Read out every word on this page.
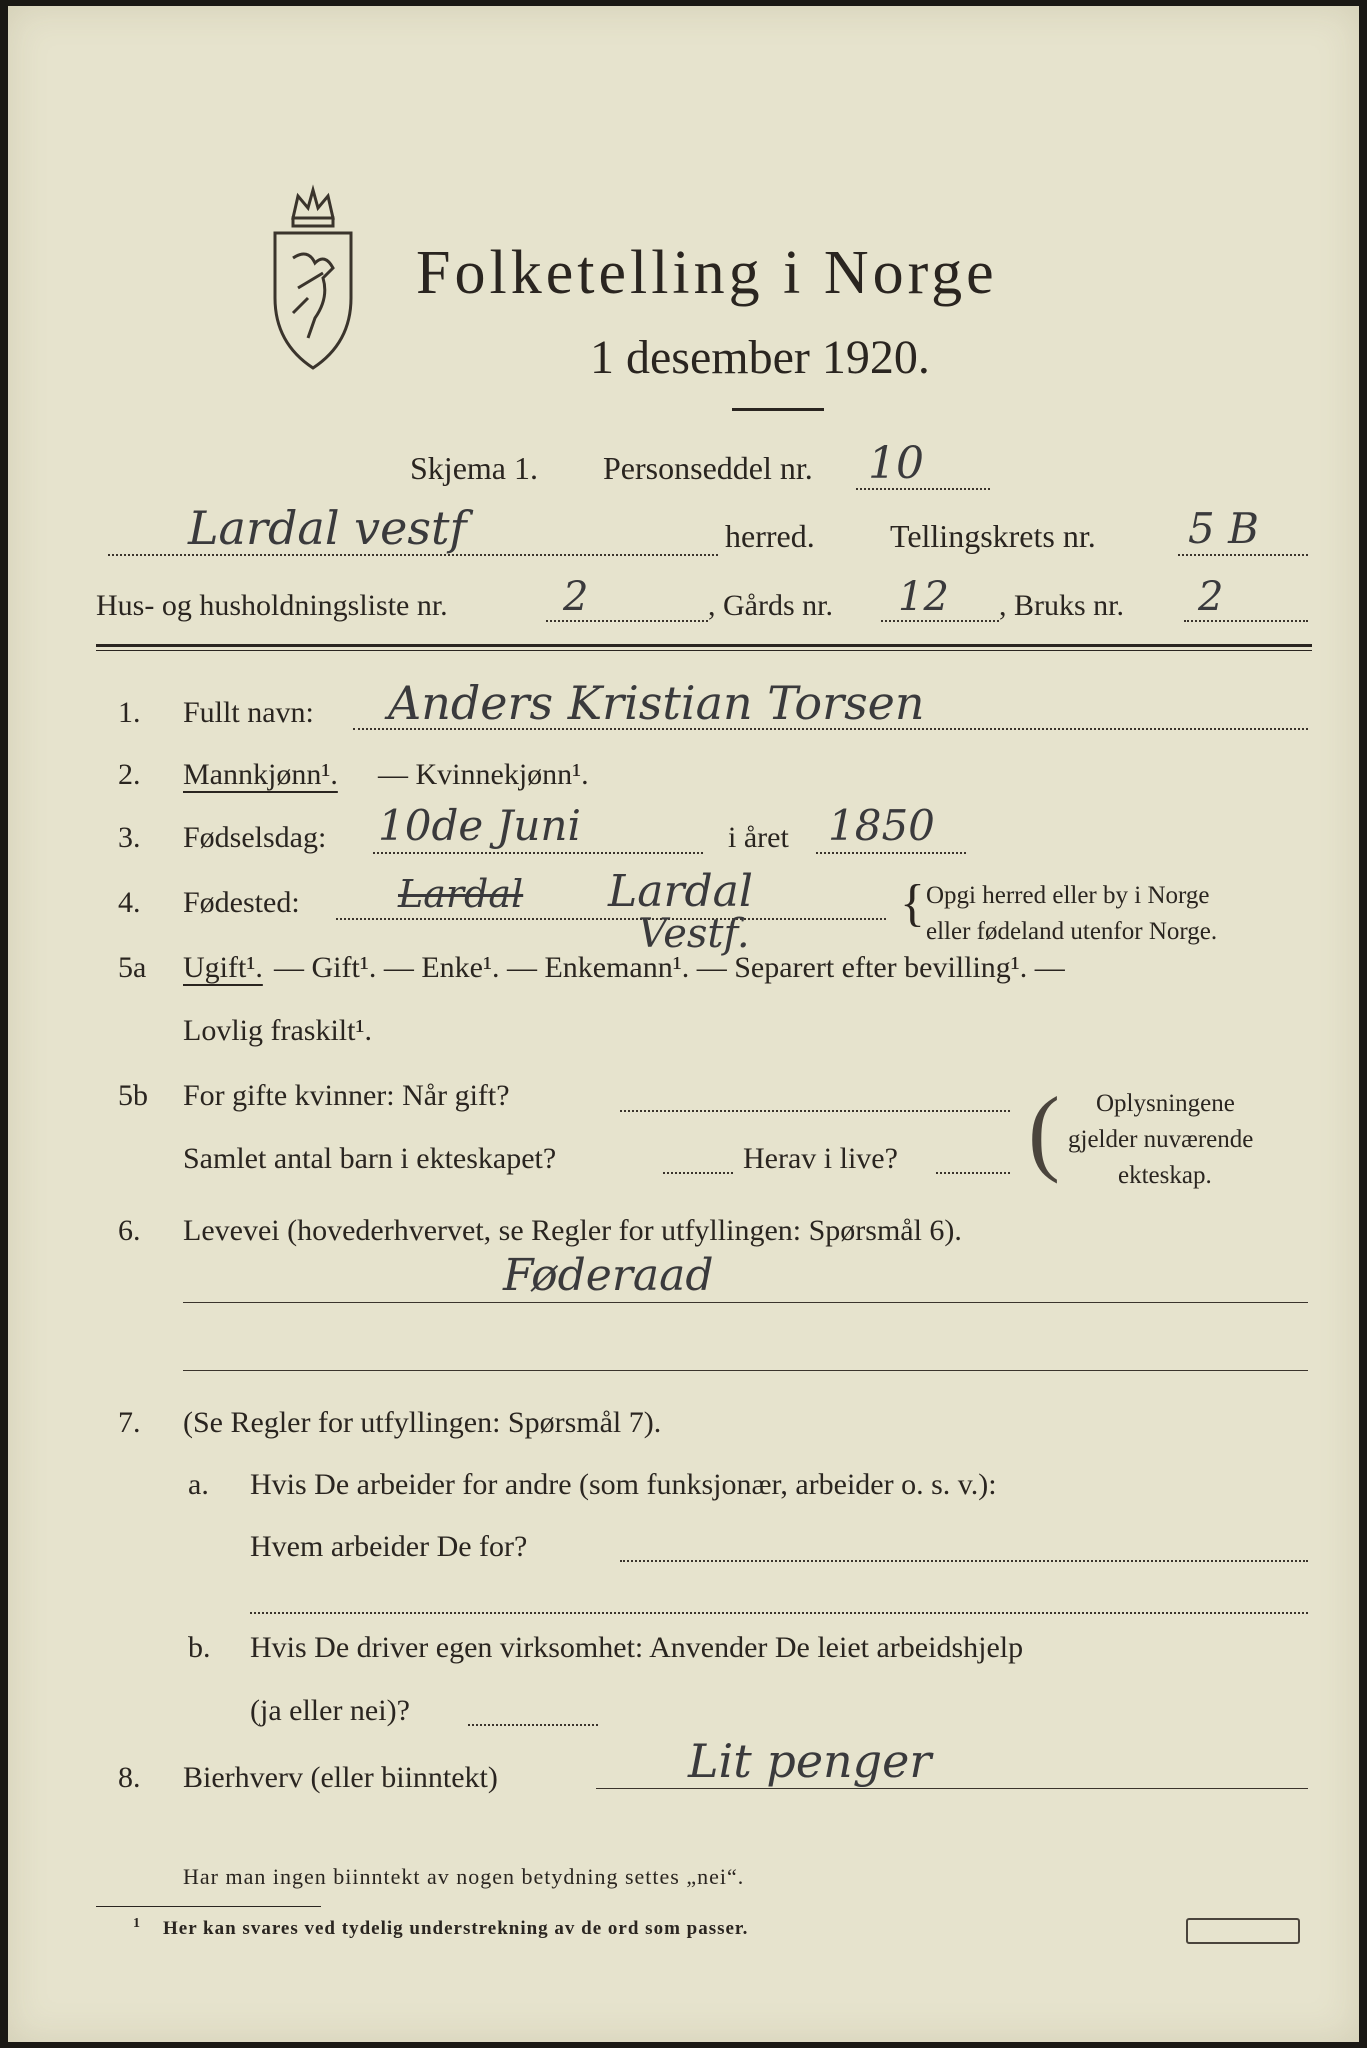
Folketelling i Norge
1 desember 1920.
Skjema 1. Personseddel nr. 10
Lardal vestf	herred. Tellingskrets nr. 5 B
Hus- og husholdningsliste nr.	2	, Gårds nr. 12 , Bruks nr. 2
1. Fullt navn: Anders Kristian Torsen
2. Mannkjønn¹. — Kvinnekjønn¹.
3. Fødselsdag: 10de Juni	i året 1850
4. Fødested:	Lardal Lardal
Vestf.
{ Opgi herred eller by i Norge
eller fødeland utenfor Norge.
5a Ugift¹. — Gift¹. — Enke¹. — Enkemann¹. — Separert efter bevilling¹. —
Lovlig fraskilt¹.
5b For gifte kvinner: Når gift?
Samlet antal barn i ekteskapet?	Herav i live? ( Oplysningene
gjelder nuværende
ekteskap.
6. Levevei (hovederhvervet, se Regler for utfyllingen: Spørsmål 6).
Føderaad
7. (Se Regler for utfyllingen: Spørsmål 7).
a. Hvis De arbeider for andre (som funksjonær, arbeider o. s. v.):
Hvem arbeider De for?
b. Hvis De driver egen virksomhet: Anvender De leiet arbeidshjelp
(ja eller nei)?
8. Bierhverv (eller biinntekt)	Lit penger
Har man ingen biinntekt av nogen betydning settes „nei“.
1 Her kan svares ved tydelig understrekning av de ord som passer.
